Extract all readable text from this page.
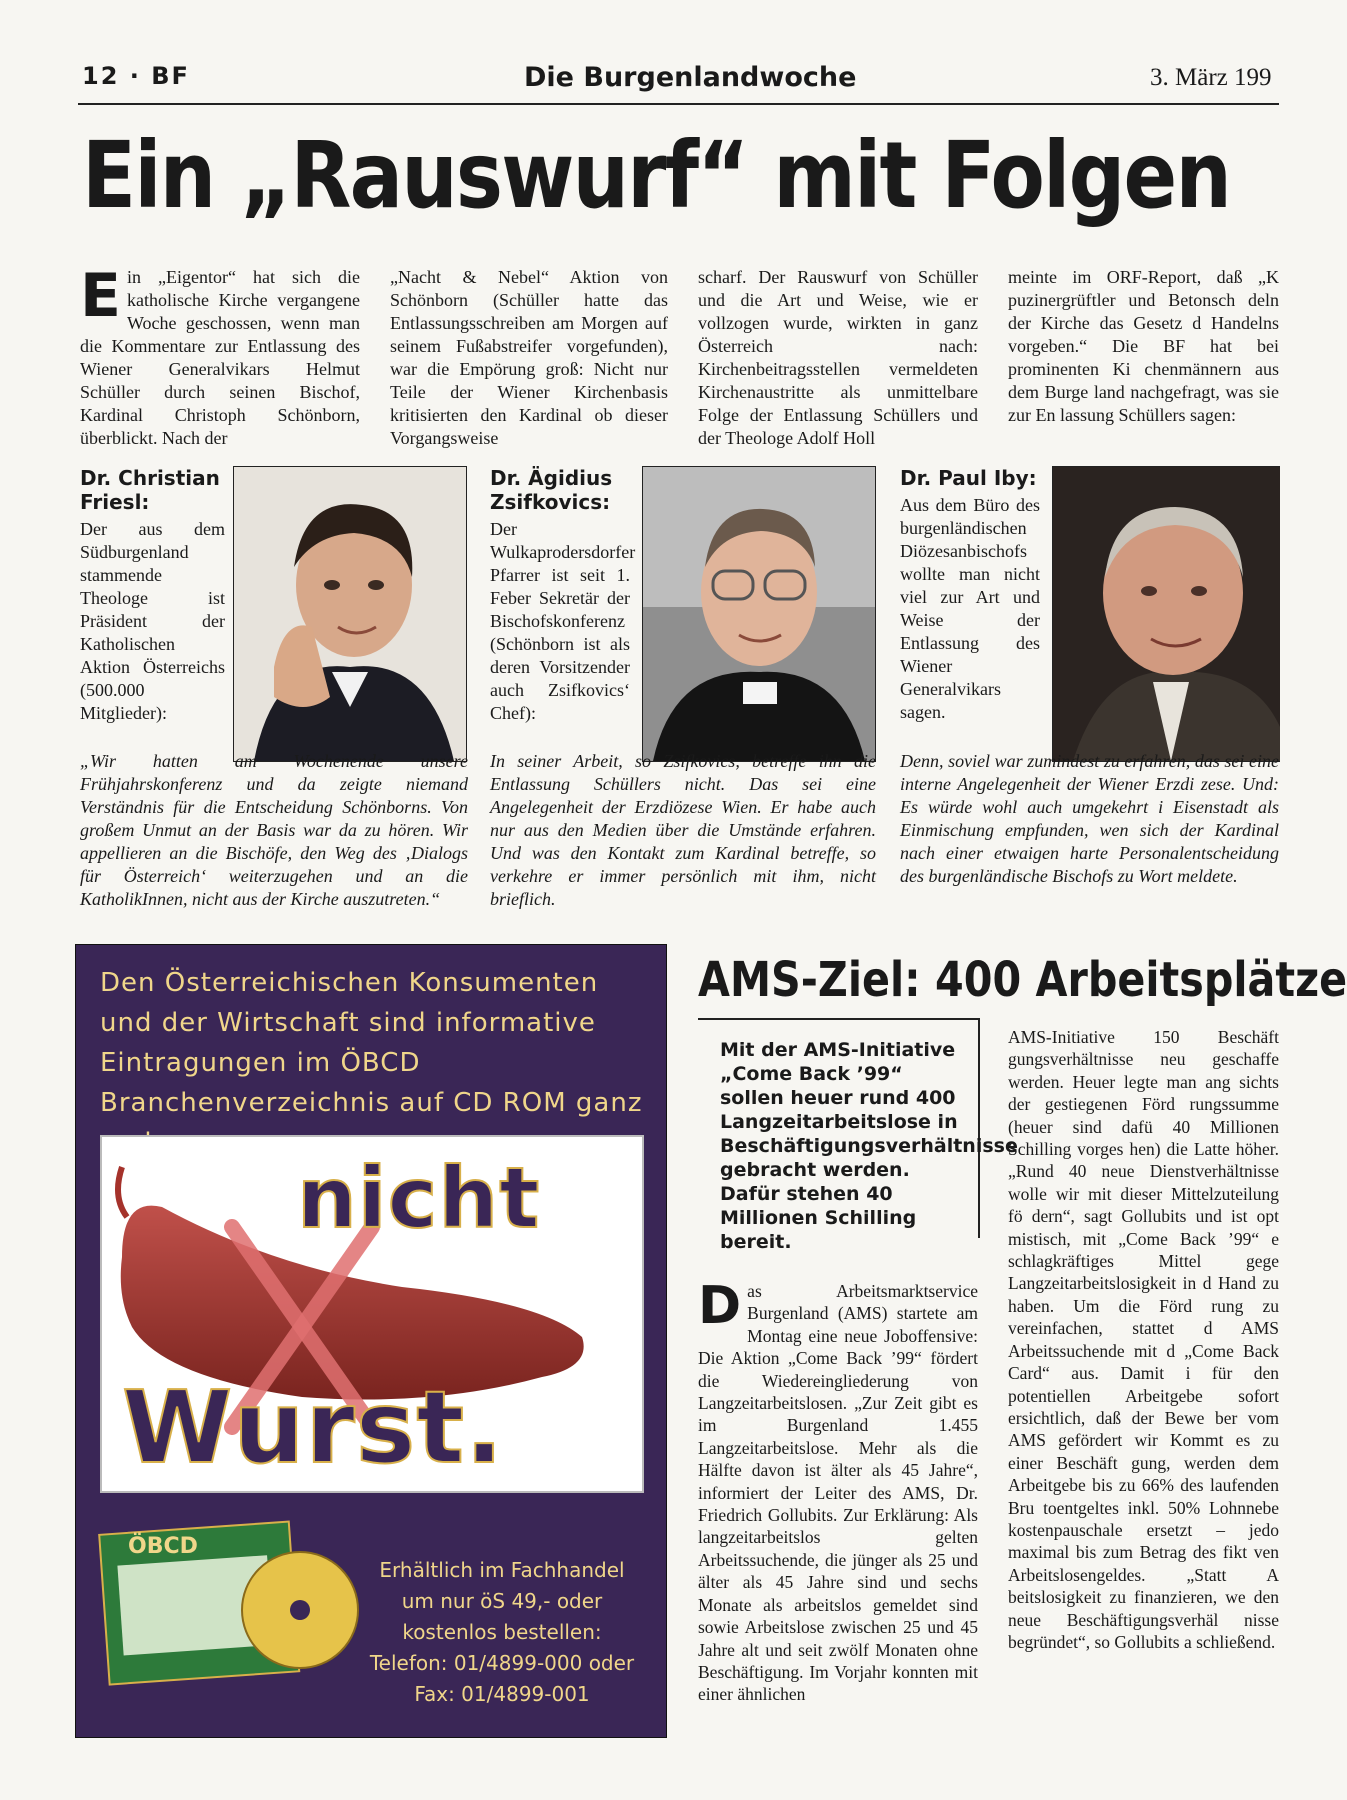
12 · BF	Die Burgenlandwoche	3. März 199
Ein „Rauswurf“ mit Folgen
E in „Eigentor“ hat sich die katholische Kirche vergangene Woche geschossen, wenn man die Kommentare zur Entlassung des Wiener Generalvikars Helmut Schüller durch seinen Bischof, Kardinal Christoph Schönborn, überblickt. Nach der
„Nacht & Nebel“ Aktion von Schönborn (Schüller hatte das Entlassungsschreiben am Morgen auf seinem Fußabstreifer vorgefunden), war die Empörung groß: Nicht nur Teile der Wiener Kirchenbasis kritisierten den Kardinal ob dieser Vorgangsweise
scharf. Der Rauswurf von Schüller und die Art und Weise, wie er vollzogen wurde, wirkten in ganz Österreich nach: Kirchenbeitragsstellen vermeldeten Kirchenaustritte als unmittelbare Folge der Entlassung Schüllers und der Theologe Adolf Holl
meinte im ORF-Report, daß „K puzinergrüftler und Betonsch deln der Kirche das Gesetz d Handelns vorgeben.“ Die BF hat bei prominenten Ki chenmännern aus dem Burge land nachgefragt, was sie zur En lassung Schüllers sagen:
Dr. Christian Friesl:
Der aus dem Südburgenland stammende Theologe ist Präsident der Katholischen Aktion Österreichs (500.000 Mitglieder):
„Wir hatten am Wochenende unsere Frühjahrskonferenz und da zeigte niemand Verständnis für die Entscheidung Schönborns. Von großem Unmut an der Basis war da zu hören. Wir appellieren an die Bischöfe, den Weg des ‚Dialogs für Österreich‘ weiterzugehen und an die KatholikInnen, nicht aus der Kirche auszutreten.“
Dr. Ägidius Zsifkovics:
Der Wulkaprodersdorfer Pfarrer ist seit 1. Feber Sekretär der Bischofskonferenz (Schönborn ist als deren Vorsitzender auch Zsifkovics‘ Chef):
In seiner Arbeit, so Zsifkovics, betreffe ihn die Entlassung Schüllers nicht. Das sei eine Angelegenheit der Erzdiözese Wien. Er habe auch nur aus den Medien über die Umstände erfahren. Und was den Kontakt zum Kardinal betreffe, so verkehre er immer persönlich mit ihm, nicht brieflich.
Dr. Paul Iby:
Aus dem Büro des burgenländischen Diözesanbischofs wollte man nicht viel zur Art und Weise der Entlassung des Wiener Generalvikars sagen.
Denn, soviel war zumindest zu erfahren, das sei eine interne Angelegenheit der Wiener Erzdi zese. Und: Es würde wohl auch umgekehrt i Eisenstadt als Einmischung empfunden, wen sich der Kardinal nach einer etwaigen harte Personalentscheidung des burgenländische Bischofs zu Wort meldete.
Den Österreichischen Konsumenten und der Wirtschaft sind informative Eintragungen im ÖBCD Branchenverzeichnis auf CD ROM ganz
nicht
Wurst.
ÖBCD
Erhältlich im Fachhandel um nur öS 49,- oder kostenlos bestellen: Telefon: 01/4899-000 oder Fax: 01/4899-001
AMS-Ziel: 400 Arbeitsplätze
Mit der AMS-Initiative „Come Back ’99“ sollen heuer rund 400 Langzeitarbeitslose in Beschäftigungsverhältnisse gebracht werden. Dafür stehen 40 Millionen Schilling bereit.
D as Arbeitsmarktservice Burgenland (AMS) startete am Montag eine neue Joboffensive: Die Aktion „Come Back ’99“ fördert die Wiedereingliederung von Langzeitarbeitslosen. „Zur Zeit gibt es im Burgenland 1.455 Langzeitarbeitslose. Mehr als die Hälfte davon ist älter als 45 Jahre“, informiert der Leiter des AMS, Dr. Friedrich Gollubits. Zur Erklärung: Als langzeitarbeitslos gelten Arbeitssuchende, die jünger als 25 und älter als 45 Jahre sind und sechs Monate als arbeitslos gemeldet sind sowie Arbeitslose zwischen 25 und 45 Jahre alt und seit zwölf Monaten ohne Beschäftigung. Im Vorjahr konnten mit einer ähnlichen
AMS-Initiative 150 Beschäft gungsverhältnisse neu geschaffe werden. Heuer legte man ang sichts der gestiegenen Förd rungssumme (heuer sind dafü 40 Millionen Schilling vorges hen) die Latte höher. „Rund 40 neue Dienstverhältnisse wolle wir mit dieser Mittelzuteilung fö dern“, sagt Gollubits und ist opt mistisch, mit „Come Back ’99“ e schlagkräftiges Mittel gege Langzeitarbeitslosigkeit in d Hand zu haben. Um die Förd rung zu vereinfachen, stattet d AMS Arbeitssuchende mit d „Come Back Card“ aus. Damit i für den potentiellen Arbeitgebe sofort ersichtlich, daß der Bewe ber vom AMS gefördert wir Kommt es zu einer Beschäft gung, werden dem Arbeitgebe bis zu 66% des laufenden Bru toentgeltes inkl. 50% Lohnnebe kostenpauschale ersetzt – jedo maximal bis zum Betrag des fikt ven Arbeitslosengeldes. „Statt A beitslosigkeit zu finanzieren, we den neue Beschäftigungsverhäl nisse begründet“, so Gollubits a schließend.
